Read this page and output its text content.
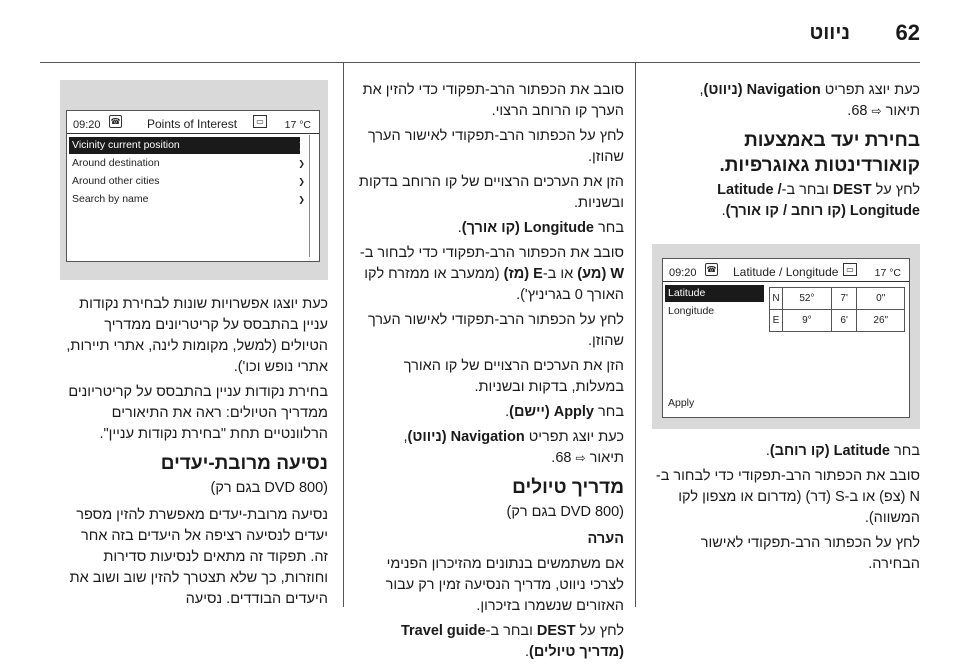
62
ניווט

כעת יוצג תפריט Navigation (ניווט),
תיאור ⇨ 68.

בחירת יעד באמצעות קואורדינטות גאוגרפיות.

לחץ על DEST ובחר ב-Latitude / Longitude (קו רוחב / קו אורך).

09:20 ☎ Latitude / Longitude ▭	17 °C
Latitude
Longitude
Apply
N	52°	7'	0"
E	9°	6'	26"

בחר Latitude (קו רוחב).

סובב את הכפתור הרב-תפקודי כדי לבחור ב-N (צפ) או ב-S (דר) (מדרום או מצפון לקו המשווה).

לחץ על הכפתור הרב-תפקודי לאישור הבחירה.

סובב את הכפתור הרב-תפקודי כדי להזין את הערך קו הרוחב הרצוי.

לחץ על הכפתור הרב-תפקודי לאישור הערך שהוזן.

הזן את הערכים הרצויים של קו הרוחב בדקות ובשניות.

בחר Longitude (קו אורך).

סובב את הכפתור הרב-תפקודי כדי לבחור ב-W (מע) או ב-E (מז) (ממערב או ממזרח לקו האורך 0 בגריניץ').

לחץ על הכפתור הרב-תפקודי לאישור הערך שהוזן.

הזן את הערכים הרצויים של קו האורך במעלות, בדקות ובשניות.

בחר Apply (יישם).

כעת יוצג תפריט Navigation (ניווט),
תיאור ⇨ 68.

מדריך טיולים

(DVD 800 בגם רק)

הערה

אם משתמשים בנתונים מהזיכרון הפנימי לצרכי ניווט, מדריך הנסיעה זמין רק עבור האזורים שנשמרו בזיכרון.

לחץ על DEST ובחר ב-Travel guide (מדריך טיולים).

09:20 ☎ Points of Interest	▭	17 °C
Vicinity current position	❯
Around destination	❯
Around other cities	❯
Search by name	❯

כעת יוצגו אפשרויות שונות לבחירת נקודות עניין בהתבסס על קריטריונים ממדריך הטיולים (למשל, מקומות לינה, אתרי תיירות, אתרי נופש וכו').

בחירת נקודות עניין בהתבסס על קריטריונים ממדריך הטיולים: ראה את התיאורים הרלוונטיים תחת "בחירת נקודות עניין".

נסיעה מרובת-יעדים

(DVD 800 בגם רק)

נסיעה מרובת-יעדים מאפשרת להזין מספר יעדים לנסיעה רציפה אל היעדים בזה אחר זה. תפקוד זה מתאים לנסיעות סדירות וחוזרות, כך שלא תצטרך להזין שוב ושוב את היעדים הבודדים. נסיעה
